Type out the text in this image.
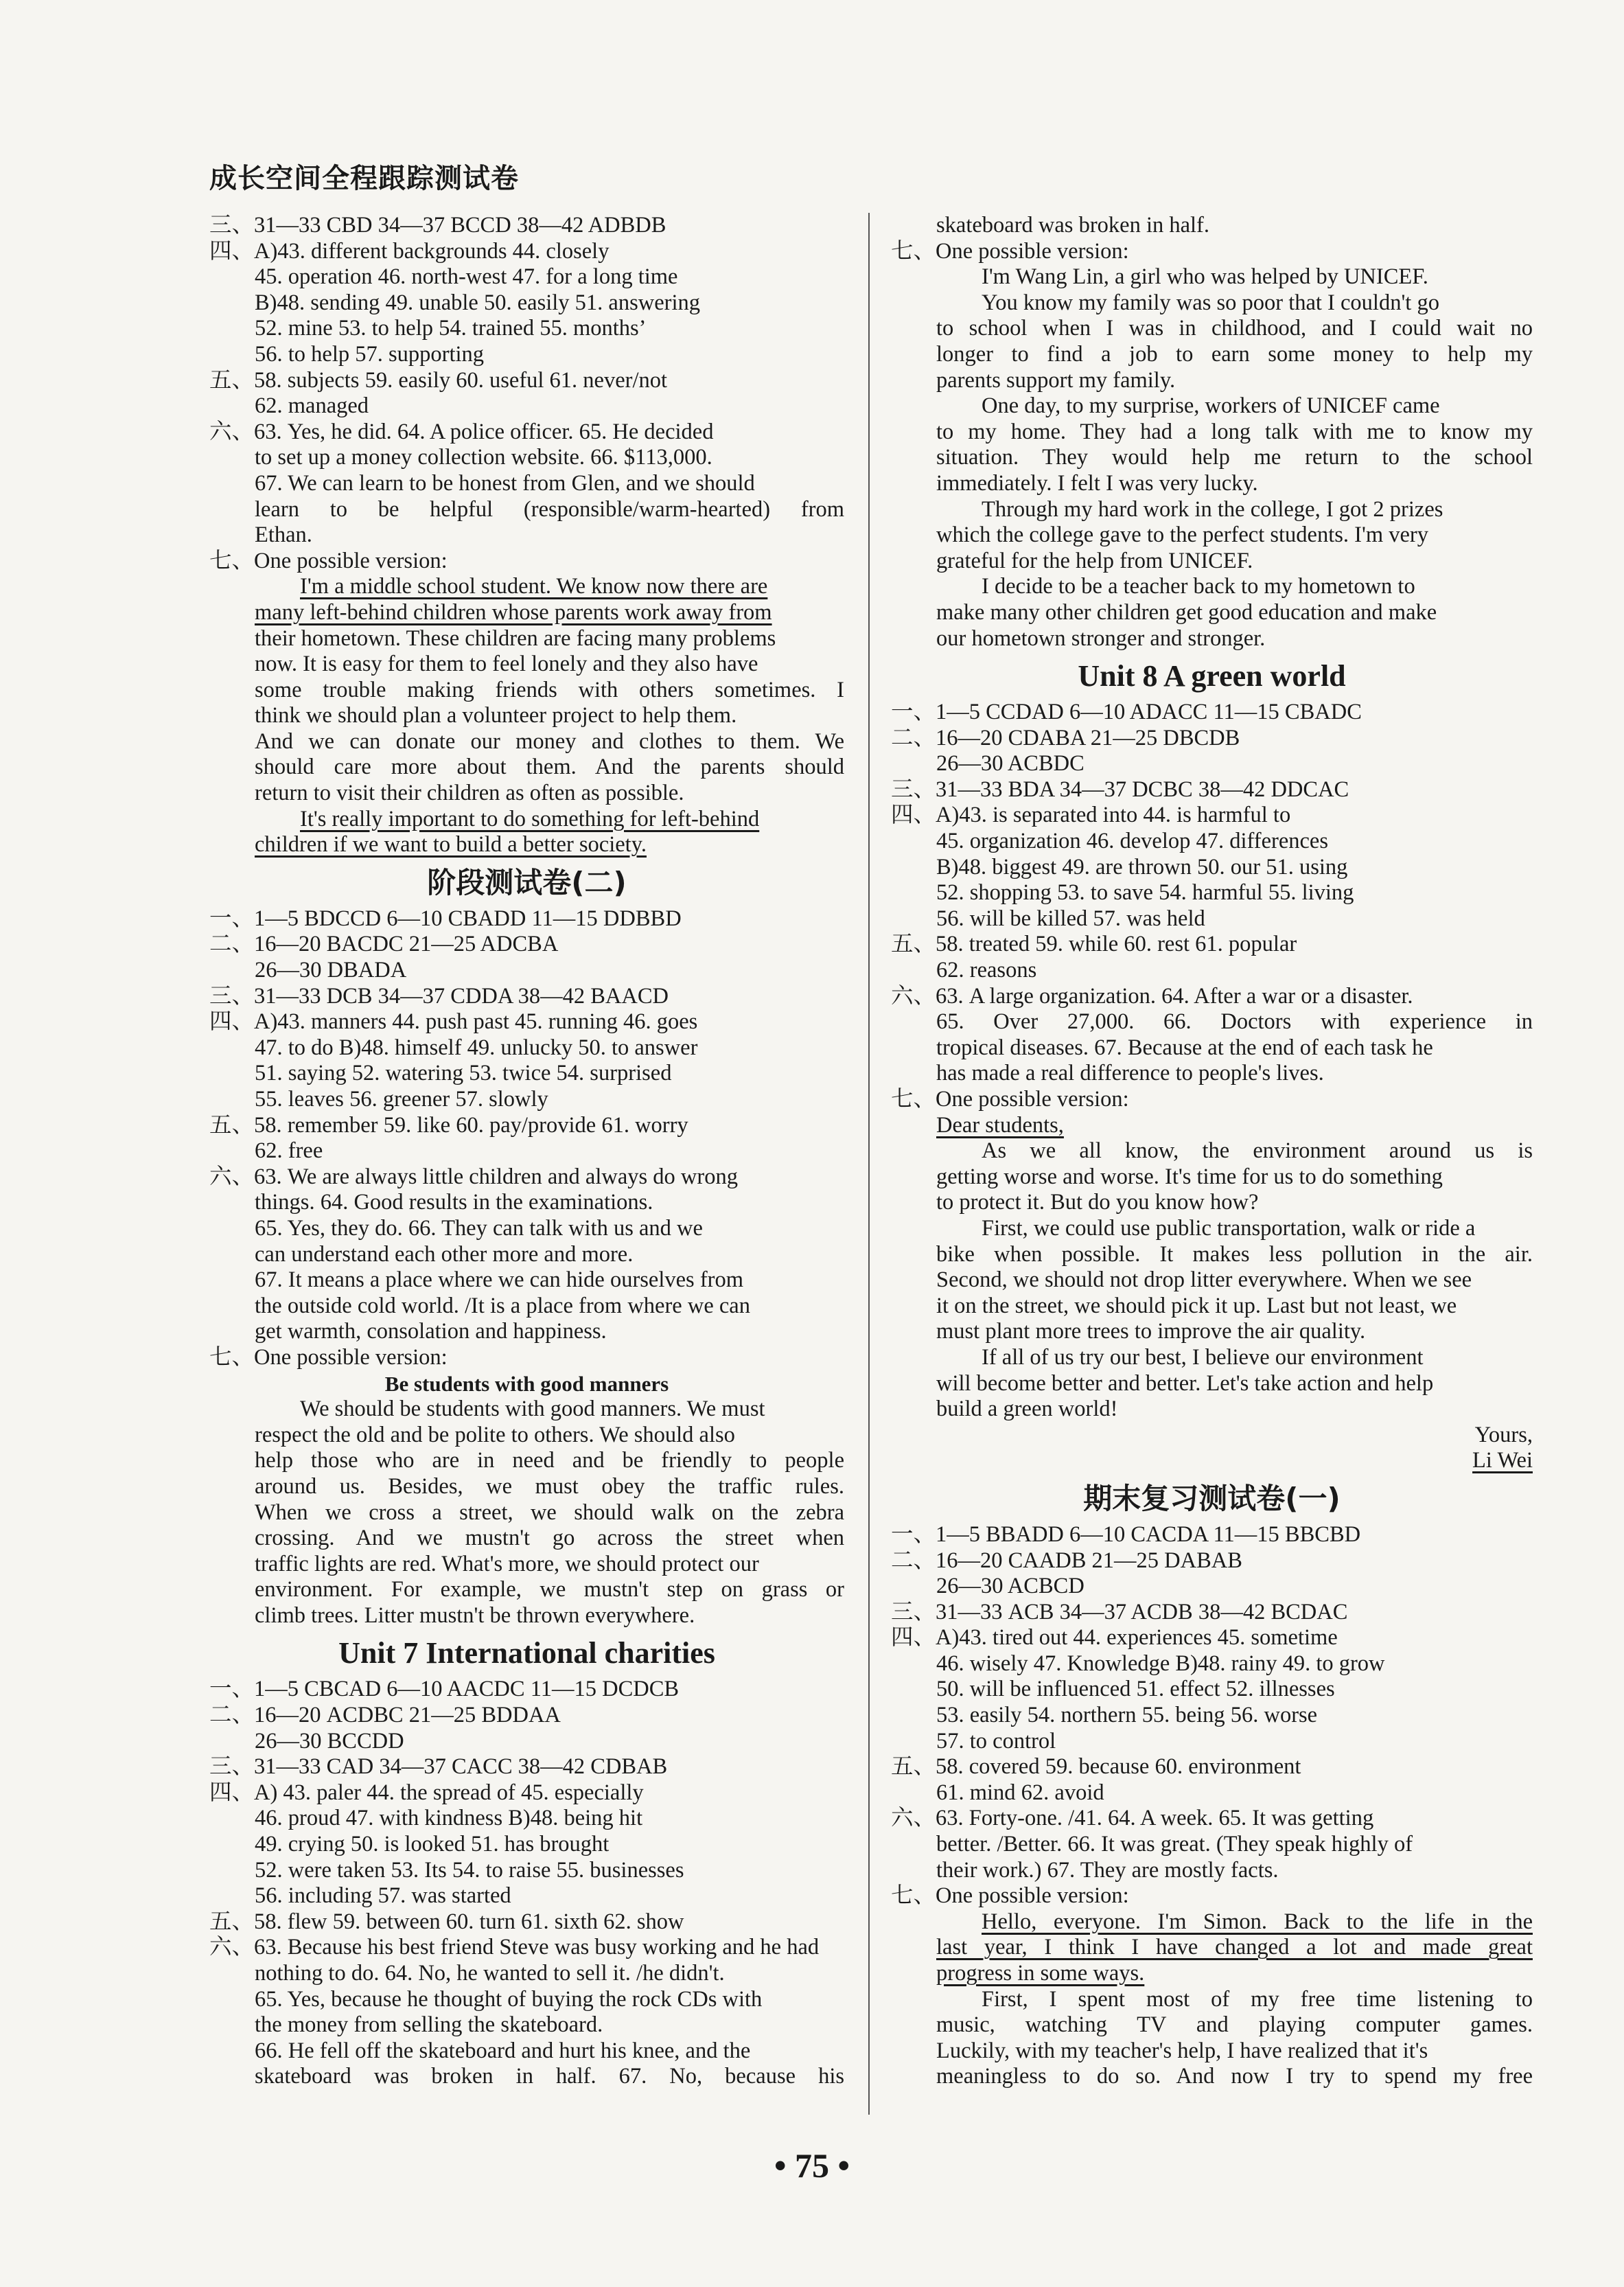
成长空间全程跟踪测试卷
三、31—33 CBD 34—37 BCCD 38—42 ADBDB
四、A)43. different backgrounds 44. closely
45. operation 46. north-west 47. for a long time
B)48. sending 49. unable 50. easily 51. answering
52. mine 53. to help 54. trained 55. months’
56. to help 57. supporting
五、58. subjects 59. easily 60. useful 61. never/not
62. managed
六、63. Yes, he did. 64. A police officer. 65. He decided
to set up a money collection website. 66. $113,000.
67. We can learn to be honest from Glen, and we should
learn to be helpful (responsible/warm-hearted) from
Ethan.
七、One possible version:
I'm a middle school student. We know now there are
many left-behind children whose parents work away from
their hometown. These children are facing many problems
now. It is easy for them to feel lonely and they also have
some trouble making friends with others sometimes. I
think we should plan a volunteer project to help them.
And we can donate our money and clothes to them. We
should care more about them. And the parents should
return to visit their children as often as possible.
It's really important to do something for left-behind
children if we want to build a better society.
阶段测试卷(二)
一、1—5 BDCCD 6—10 CBADD 11—15 DDBBD
二、16—20 BACDC 21—25 ADCBA
26—30 DBADA
三、31—33 DCB 34—37 CDDA 38—42 BAACD
四、A)43. manners 44. push past 45. running 46. goes
47. to do B)48. himself 49. unlucky 50. to answer
51. saying 52. watering 53. twice 54. surprised
55. leaves 56. greener 57. slowly
五、58. remember 59. like 60. pay/provide 61. worry
62. free
六、63. We are always little children and always do wrong
things. 64. Good results in the examinations.
65. Yes, they do. 66. They can talk with us and we
can understand each other more and more.
67. It means a place where we can hide ourselves from
the outside cold world. /It is a place from where we can
get warmth, consolation and happiness.
七、One possible version:
Be students with good manners
We should be students with good manners. We must
respect the old and be polite to others. We should also
help those who are in need and be friendly to people
around us. Besides, we must obey the traffic rules.
When we cross a street, we should walk on the zebra
crossing. And we mustn't go across the street when
traffic lights are red. What's more, we should protect our
environment. For example, we mustn't step on grass or
climb trees. Litter mustn't be thrown everywhere.
Unit 7 International charities
一、1—5 CBCAD 6—10 AACDC 11—15 DCDCB
二、16—20 ACDBC 21—25 BDDAA
26—30 BCCDD
三、31—33 CAD 34—37 CACC 38—42 CDBAB
四、A) 43. paler 44. the spread of 45. especially
46. proud 47. with kindness B)48. being hit
49. crying 50. is looked 51. has brought
52. were taken 53. Its 54. to raise 55. businesses
56. including 57. was started
五、58. flew 59. between 60. turn 61. sixth 62. show
六、63. Because his best friend Steve was busy working and he had
nothing to do. 64. No, he wanted to sell it. /he didn't.
65. Yes, because he thought of buying the rock CDs with
the money from selling the skateboard.
66. He fell off the skateboard and hurt his knee, and the
skateboard was broken in half. 67. No, because his
skateboard was broken in half.
七、One possible version:
I'm Wang Lin, a girl who was helped by UNICEF.
You know my family was so poor that I couldn't go
to school when I was in childhood, and I could wait no
longer to find a job to earn some money to help my
parents support my family.
One day, to my surprise, workers of UNICEF came
to my home. They had a long talk with me to know my
situation. They would help me return to the school
immediately. I felt I was very lucky.
Through my hard work in the college, I got 2 prizes
which the college gave to the perfect students. I'm very
grateful for the help from UNICEF.
I decide to be a teacher back to my hometown to
make many other children get good education and make
our hometown stronger and stronger.
Unit 8 A green world
一、1—5 CCDAD 6—10 ADACC 11—15 CBADC
二、16—20 CDABA 21—25 DBCDB
26—30 ACBDC
三、31—33 BDA 34—37 DCBC 38—42 DDCAC
四、A)43. is separated into 44. is harmful to
45. organization 46. develop 47. differences
B)48. biggest 49. are thrown 50. our 51. using
52. shopping 53. to save 54. harmful 55. living
56. will be killed 57. was held
五、58. treated 59. while 60. rest 61. popular
62. reasons
六、63. A large organization. 64. After a war or a disaster.
65. Over 27,000. 66. Doctors with experience in
tropical diseases. 67. Because at the end of each task he
has made a real difference to people's lives.
七、One possible version:
Dear students,
As we all know, the environment around us is
getting worse and worse. It's time for us to do something
to protect it. But do you know how?
First, we could use public transportation, walk or ride a
bike when possible. It makes less pollution in the air.
Second, we should not drop litter everywhere. When we see
it on the street, we should pick it up. Last but not least, we
must plant more trees to improve the air quality.
If all of us try our best, I believe our environment
will become better and better. Let's take action and help
build a green world!
Yours,
Li Wei
期末复习测试卷(一)
一、1—5 BBADD 6—10 CACDA 11—15 BBCBD
二、16—20 CAADB 21—25 DABAB
26—30 ACBCD
三、31—33 ACB 34—37 ACDB 38—42 BCDAC
四、A)43. tired out 44. experiences 45. sometime
46. wisely 47. Knowledge B)48. rainy 49. to grow
50. will be influenced 51. effect 52. illnesses
53. easily 54. northern 55. being 56. worse
57. to control
五、58. covered 59. because 60. environment
61. mind 62. avoid
六、63. Forty-one. /41. 64. A week. 65. It was getting
better. /Better. 66. It was great. (They speak highly of
their work.) 67. They are mostly facts.
七、One possible version:
Hello, everyone. I'm Simon. Back to the life in the
last year, I think I have changed a lot and made great
progress in some ways.
First, I spent most of my free time listening to
music, watching TV and playing computer games.
Luckily, with my teacher's help, I have realized that it's
meaningless to do so. And now I try to spend my free
• 75 •
